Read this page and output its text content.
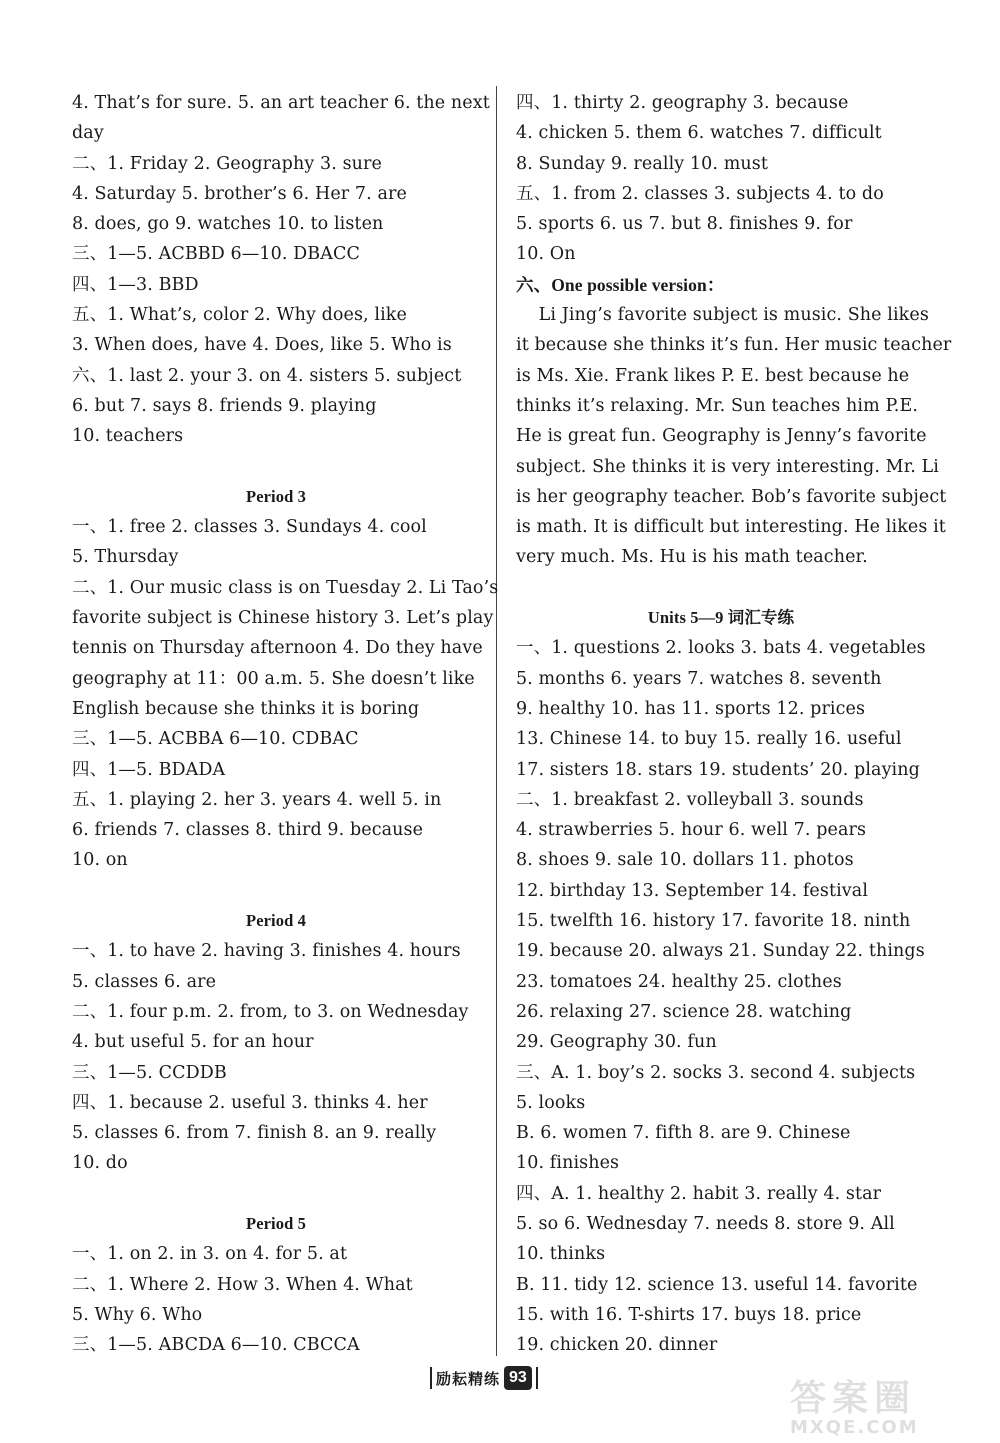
4. That’s for sure. 5. an art teacher 6. the next
day
二、1. Friday 2. Geography 3. sure
4. Saturday 5. brother’s 6. Her 7. are
8. does, go 9. watches 10. to listen
三、1—5. ACBBD 6—10. DBACC
四、1—3. BBD
五、1. What’s, color 2. Why does, like
3. When does, have 4. Does, like 5. Who is
六、1. last 2. your 3. on 4. sisters 5. subject
6. but 7. says 8. friends 9. playing
10. teachers
Period 3
一、1. free 2. classes 3. Sundays 4. cool
5. Thursday
二、1. Our music class is on Tuesday 2. Li Tao’s
favorite subject is Chinese history 3. Let’s play
tennis on Thursday afternoon 4. Do they have
geography at 11：00 a.m. 5. She doesn’t like
English because she thinks it is boring
三、1—5. ACBBA 6—10. CDBAC
四、1—5. BDADA
五、1. playing 2. her 3. years 4. well 5. in
6. friends 7. classes 8. third 9. because
10. on
Period 4
一、1. to have 2. having 3. finishes 4. hours
5. classes 6. are
二、1. four p.m. 2. from, to 3. on Wednesday
4. but useful 5. for an hour
三、1—5. CCDDB
四、1. because 2. useful 3. thinks 4. her
5. classes 6. from 7. finish 8. an 9. really
10. do
Period 5
一、1. on 2. in 3. on 4. for 5. at
二、1. Where 2. How 3. When 4. What
5. Why 6. Who
三、1—5. ABCDA 6—10. CBCCA
四、1. thirty 2. geography 3. because
4. chicken 5. them 6. watches 7. difficult
8. Sunday 9. really 10. must
五、1. from 2. classes 3. subjects 4. to do
5. sports 6. us 7. but 8. finishes 9. for
10. On
六、One possible version：
Li Jing’s favorite subject is music. She likes
it because she thinks it’s fun. Her music teacher
is Ms. Xie. Frank likes P. E. best because he
thinks it’s relaxing. Mr. Sun teaches him P.E.
He is great fun. Geography is Jenny’s favorite
subject. She thinks it is very interesting. Mr. Li
is her geography teacher. Bob’s favorite subject
is math. It is difficult but interesting. He likes it
very much. Ms. Hu is his math teacher.
Units 5—9 词汇专练
一、1. questions 2. looks 3. bats 4. vegetables
5. months 6. years 7. watches 8. seventh
9. healthy 10. has 11. sports 12. prices
13. Chinese 14. to buy 15. really 16. useful
17. sisters 18. stars 19. students’ 20. playing
二、1. breakfast 2. volleyball 3. sounds
4. strawberries 5. hour 6. well 7. pears
8. shoes 9. sale 10. dollars 11. photos
12. birthday 13. September 14. festival
15. twelfth 16. history 17. favorite 18. ninth
19. because 20. always 21. Sunday 22. things
23. tomatoes 24. healthy 25. clothes
26. relaxing 27. science 28. watching
29. Geography 30. fun
三、A. 1. boy’s 2. socks 3. second 4. subjects
5. looks
B. 6. women 7. fifth 8. are 9. Chinese
10. finishes
四、A. 1. healthy 2. habit 3. really 4. star
5. so 6. Wednesday 7. needs 8. store 9. All
10. thinks
B. 11. tidy 12. science 13. useful 14. favorite
15. with 16. T-shirts 17. buys 18. price
19. chicken 20. dinner
励耘精练 93
答案圈
MXQE.COM
